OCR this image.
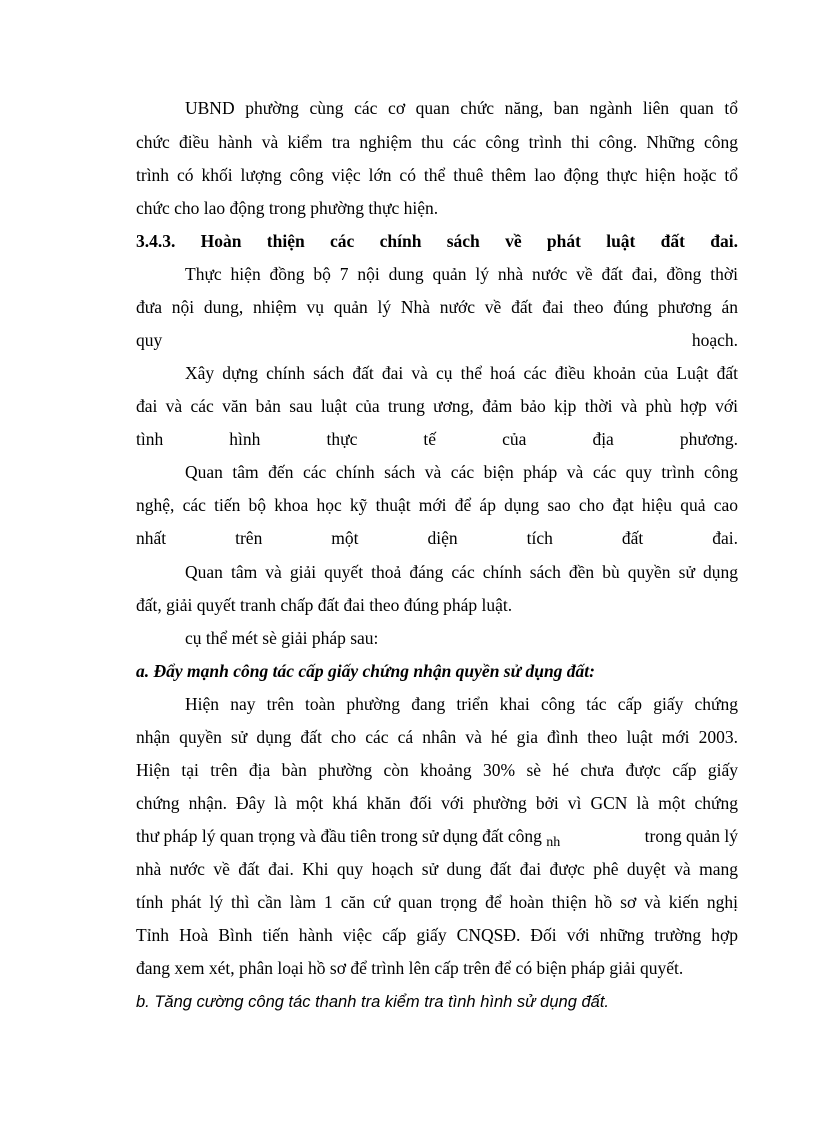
UBND phường cùng các cơ quan chức năng, ban ngành liên quan tổ
chức điều hành và kiểm tra nghiệm thu các công trình thi công. Những công
trình có khối lượng công việc lớn có thể thuê thêm lao động thực hiện hoặc tổ
chức cho lao động trong phường thực hiện.
3.4.3. Hoàn thiện các chính sách về phát luật đất đai.
Thực hiện đồng bộ 7 nội dung quản lý nhà nước về đất đai, đồng thời
đưa nội dung, nhiệm vụ quản lý Nhà nước về đất đai theo đúng phương án
quy	hoạch.
Xây dựng chính sách đất đai và cụ thể hoá các điều khoản của Luật đất
đai và các văn bản sau luật của trung ương, đảm bảo kịp thời và phù hợp với
tình hình thực tế của địa phương.
Quan tâm đến các chính sách và các biện pháp và các quy trình công
nghệ, các tiến bộ khoa học kỹ thuật mới để áp dụng sao cho đạt hiệu quả cao
nhất trên một diện tích đất đai.
Quan tâm và giải quyết thoả đáng các chính sách đền bù quyền sử dụng
đất, giải quyết tranh chấp đất đai theo đúng pháp luật.
cụ thể mét sè giải pháp sau:
a. Đẩy mạnh công tác cấp giấy chứng nhận quyền sử dụng đất:
Hiện nay trên toàn phường đang triển khai công tác cấp giấy chứng
nhận quyền sử dụng đất cho các cá nhân và hé gia đình theo luật mới 2003.
Hiện tại trên địa bàn phường còn khoảng 30% sè hé chưa được cấp giấy
chứng nhận. Đây là một khá khăn đối với phường bởi vì GCN là một chứng
thư pháp lý quan trọng và đầu tiên trong sử dụng đất công $_{nh}$	trong quản lý
nhà nước về đất đai. Khi quy hoạch sử dung đất đai được phê duyệt và mang
tính phát lý thì cần làm 1 căn cứ quan trọng để hoàn thiện hồ sơ và kiến nghị
Tỉnh Hoà Bình tiến hành việc cấp giấy CNQSĐ. Đối với những trường hợp
đang xem xét, phân loại hồ sơ để trình lên cấp trên để có biện pháp giải quyết.
b. Tăng cường công tác thanh tra kiểm tra tình hình sử dụng đất.
